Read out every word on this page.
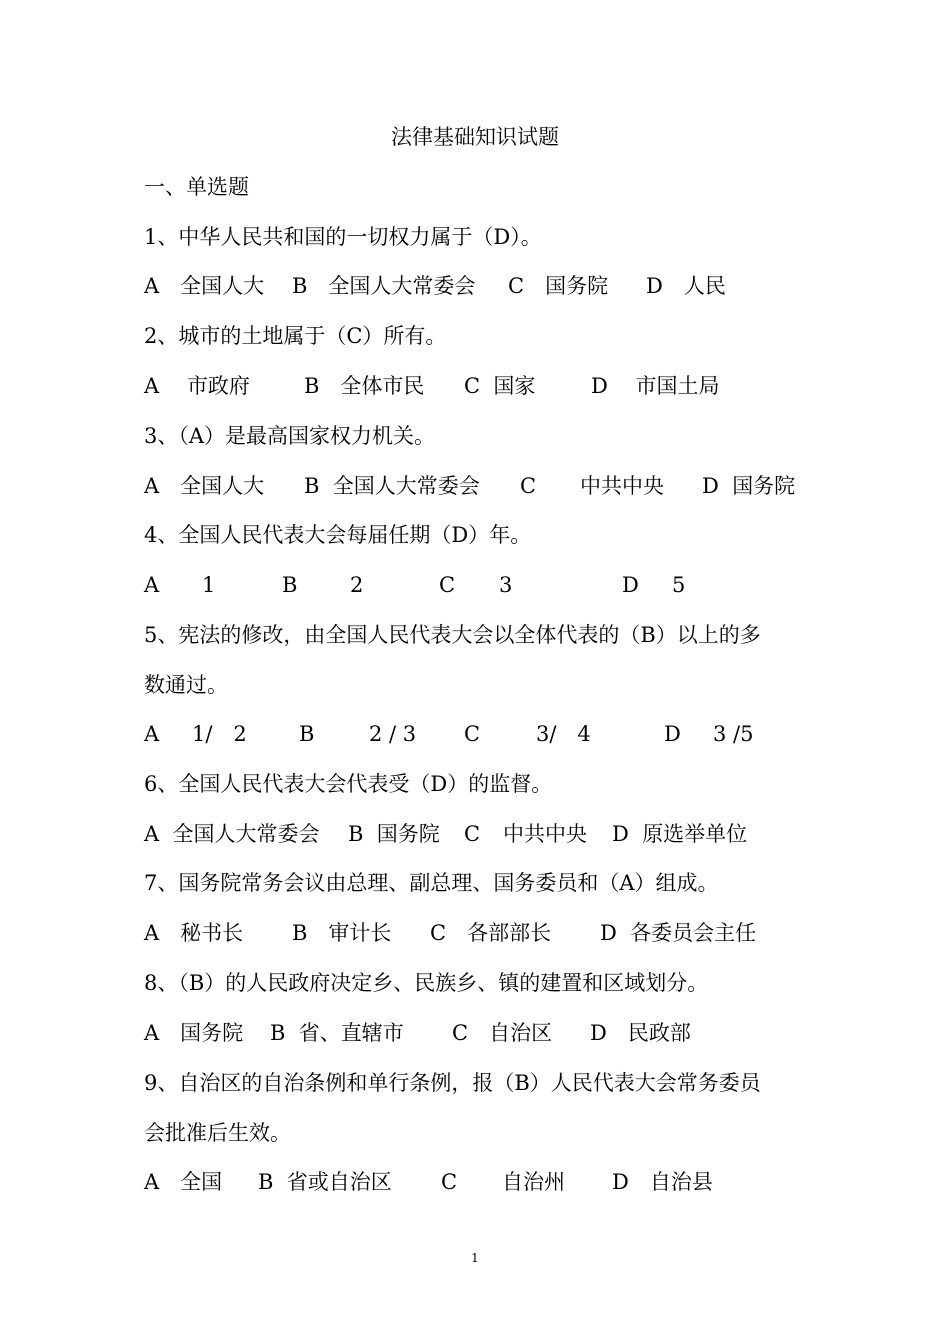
法律基础知识试题
一、单选题
1、中华人民共和国的一切权力属于（D）。
A　全国人大 B　全国人大常委会 C　国务院 D　人民
2、城市的土地属于（C）所有。
A　 市政府	B　全体市民 C  国家	D　 市国土局
3、（A）是最高国家权力机关。
A　全国人大 B  全国人大常委会 C 中共中央 D  国务院
4、全国人民代表大会每届任期（D）年。
A 1	B	2	C 3	D 5
5、宪法的修改，由全国人民代表大会以全体代表的（B）以上的多
数通过。
A 1/　2 B	2 / 3 C	3/　4	D 3 /5
6、全国人民代表大会代表受（D）的监督。
A  全国人大常委会 B  国务院 C 中共中央 D  原选举单位
7、国务院常务会议由总理、副总理、国务委员和（A）组成。
A　秘书长 B　审计长 C　各部部长 D  各委员会主任
8、（B）的人民政府决定乡、民族乡、镇的建置和区域划分。
A　国务院 B  省、直辖市 C　自治区 D　民政部
9、自治区的自治条例和单行条例，报（B）人民代表大会常务委员
会批准后生效。
A　全国 B  省或自治区 C 自治州 D　自治县
1
